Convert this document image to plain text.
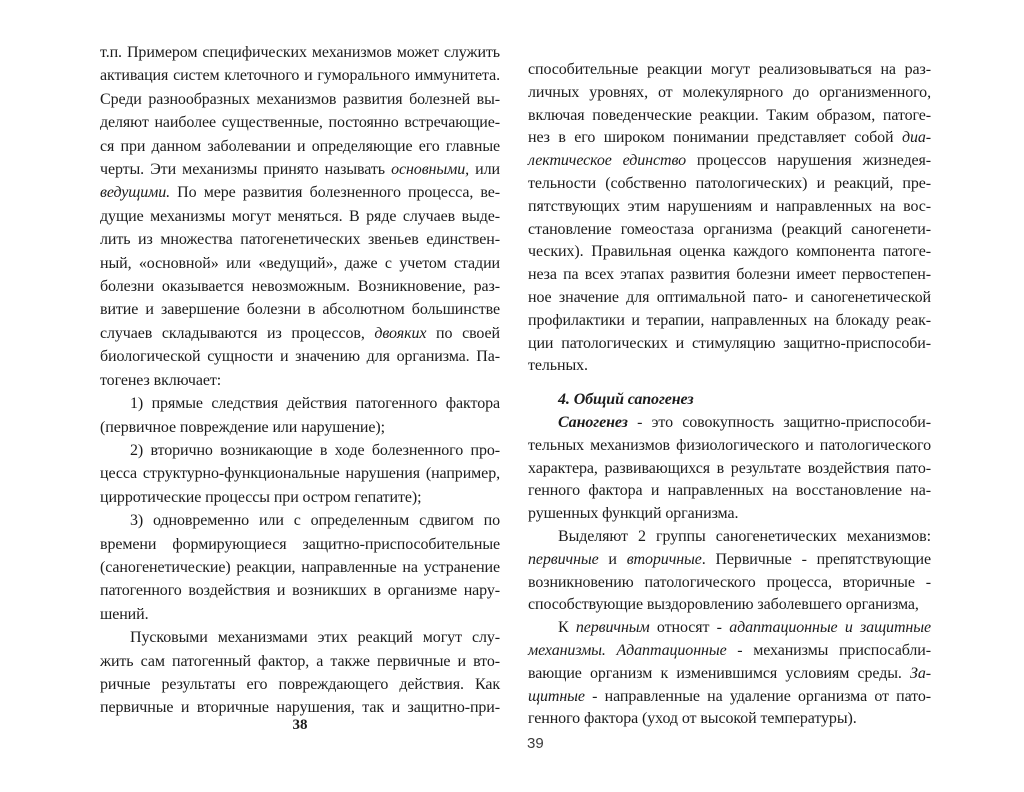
т.п. Примером специфических механизмов может служить
активация систем клеточного и гуморального иммунитета.
Среди разнообразных механизмов развития болезней вы-
деляют наиболее существенные, постоянно встречающие-
ся при данном заболевании и определяющие его главные
черты. Эти механизмы принято называть основными, или
ведущими. По мере развития болезненного процесса, ве-
дущие механизмы могут меняться. В ряде случаев выде-
лить из множества патогенетических звеньев единствен-
ный, «основной» или «ведущий», даже с учетом стадии
болезни оказывается невозможным. Возникновение, раз-
витие и завершение болезни в абсолютном большинстве
случаев складываются из процессов, двояких по своей
биологической сущности и значению для организма. Па-
тогенез включает:
1) прямые следствия действия патогенного фактора
(первичное повреждение или нарушение);
2) вторично возникающие в ходе болезненного про-
цесса структурно-функциональные нарушения (например,
цирротические процессы при остром гепатите);
3) одновременно или с определенным сдвигом по
времени формирующиеся защитно-приспособительные
(саногенетические) реакции, направленные на устранение
патогенного воздействия и возникших в организме нару-
шений.
Пусковыми механизмами этих реакций могут слу-
жить сам патогенный фактор, а также первичные и вто-
ричные результаты его повреждающего действия. Как
первичные и вторичные нарушения, так и защитно-при-
способительные реакции могут реализовываться на раз-
личных уровнях, от молекулярного до организменного,
включая поведенческие реакции. Таким образом, патоге-
нез в его широком понимании представляет собой диа-
лектическое единство процессов нарушения жизнедея-
тельности (собственно патологических) и реакций, пре-
пятствующих этим нарушениям и направленных на вос-
становление гомеостаза организма (реакций саногенети-
ческих). Правильная оценка каждого компонента патоге-
неза па всех этапах развития болезни имеет первостепен-
ное значение для оптимальной пато- и саногенетической
профилактики и терапии, направленных на блокаду реак-
ции патологических и стимуляцию защитно-приспособи-
тельных.
4. Общий сапогенез
Саногенез - это совокупность защитно-приспособи-
тельных механизмов физиологического и патологического
характера, развивающихся в результате воздействия пато-
генного фактора и направленных на восстановление на-
рушенных функций организма.
Выделяют 2 группы саногенетических механизмов:
первичные и вторичные. Первичные - препятствующие
возникновению патологического процесса, вторичные -
способствующие выздоровлению заболевшего организма,
К первичным относят - адаптационные и защитные
механизмы. Адаптационные - механизмы приспосабли-
вающие организм к изменившимся условиям среды. За-
щитные - направленные на удаление организма от пато-
генного фактора (уход от высокой температуры).
38
39
